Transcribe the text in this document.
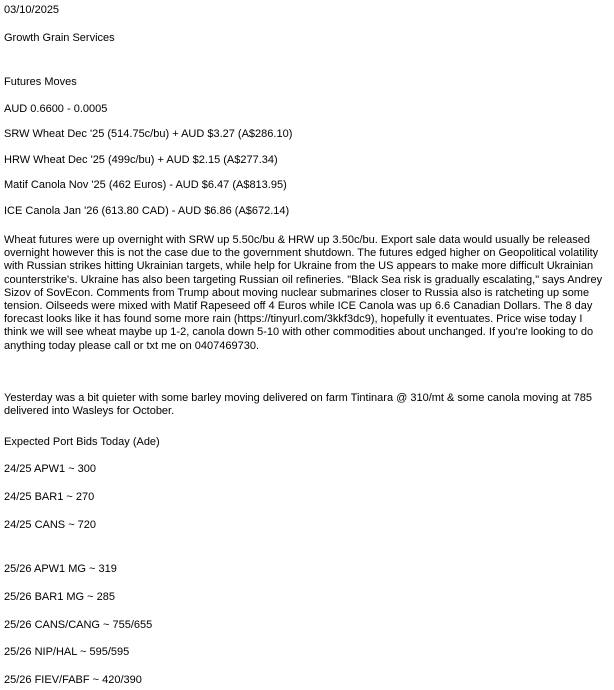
03/10/2025

Growth Grain Services

Futures Moves

AUD 0.6600 - 0.0005

SRW Wheat Dec '25 (514.75c/bu) + AUD $3.27 (A$286.10)

HRW Wheat Dec '25 (499c/bu) + AUD $2.15 (A$277.34)

Matif Canola Nov '25 (462 Euros) - AUD $6.47 (A$813.95)

ICE Canola Jan '26 (613.80 CAD) - AUD $6.86 (A$672.14)

Wheat futures were up overnight with SRW up 5.50c/bu & HRW up 3.50c/bu. Export sale data would usually be released overnight however this is not the case due to the government shutdown. The futures edged higher on Geopolitical volatility with Russian strikes hitting Ukrainian targets, while help for Ukraine from the US appears to make more difficult Ukrainian counterstrike's. Ukraine has also been targeting Russian oil refineries. "Black Sea risk is gradually escalating," says Andrey Sizov of SovEcon. Comments from Trump about moving nuclear submarines closer to Russia also is ratcheting up some tension. Oilseeds were mixed with Matif Rapeseed off 4 Euros while ICE Canola was up 6.6 Canadian Dollars. The 8 day forecast looks like it has found some more rain (https://tinyurl.com/3kkf3dc9), hopefully it eventuates. Price wise today I think we will see wheat maybe up 1-2, canola down 5-10 with other commodities about unchanged. If you're looking to do anything today please call or txt me on 0407469730.

Yesterday was a bit quieter with some barley moving delivered on farm Tintinara @ 310/mt & some canola moving at 785 delivered into Wasleys for October.

Expected Port Bids Today (Ade)

24/25 APW1 ~ 300

24/25 BAR1 ~ 270

24/25 CANS ~ 720

25/26 APW1 MG ~ 319

25/26 BAR1 MG ~ 285

25/26 CANS/CANG ~ 755/655

25/26 NIP/HAL ~ 595/595

25/26 FIEV/FABF ~ 420/390
